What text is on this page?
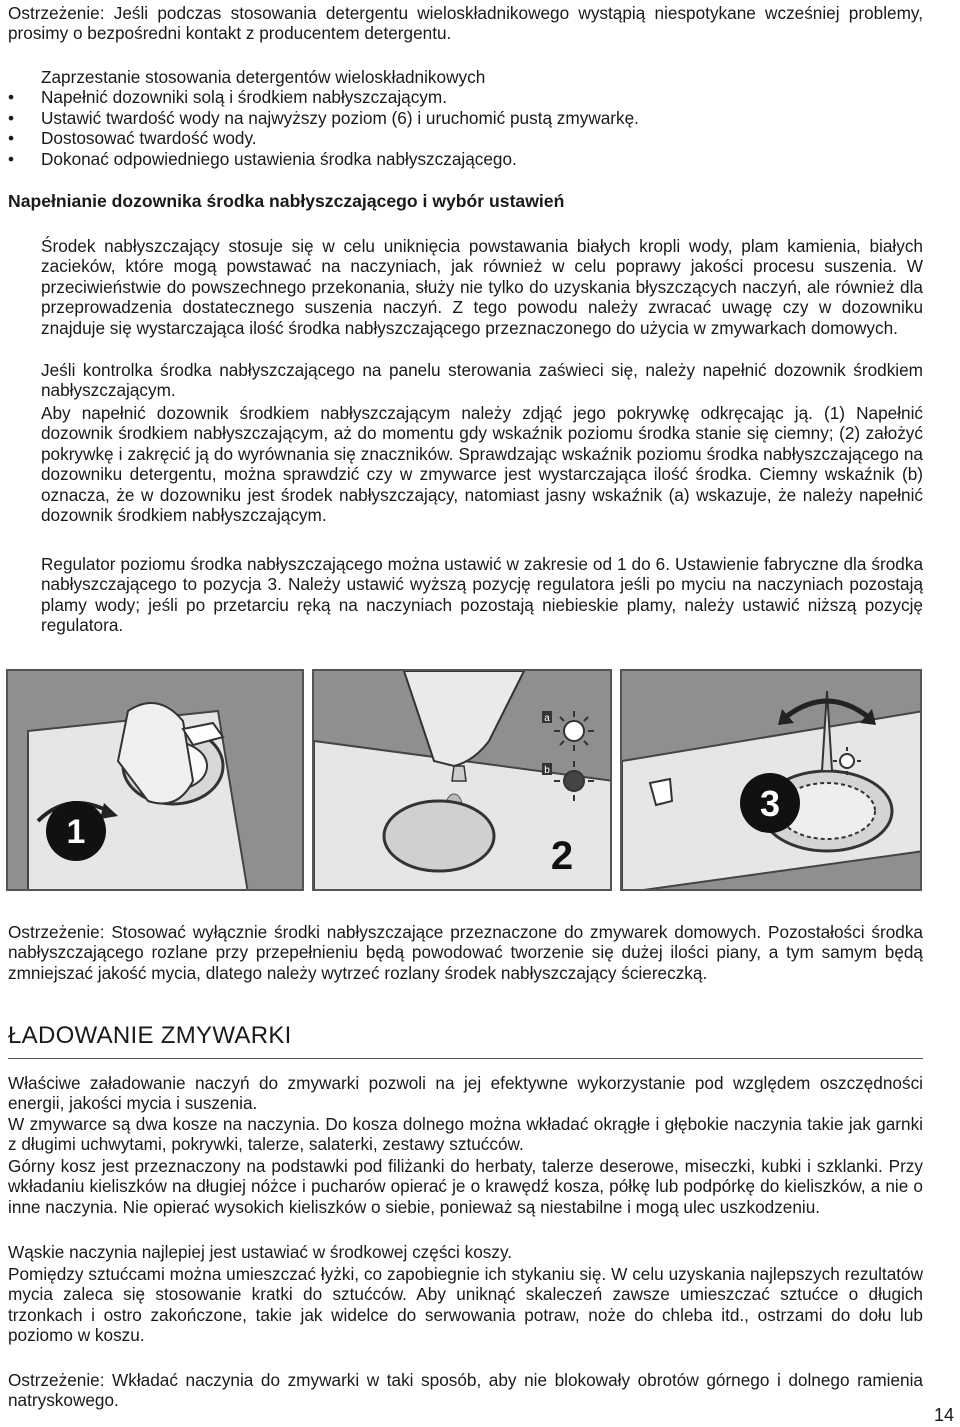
Ostrzeżenie: Jeśli podczas stosowania detergentu wieloskładnikowego wystąpią niespotykane wcześniej problemy, prosimy o bezpośredni kontakt z producentem detergentu.

Zaprzestanie stosowania detergentów wieloskładnikowych
• Napełnić dozowniki solą i środkiem nabłyszczającym.
• Ustawić twardość wody na najwyższy poziom (6) i uruchomić pustą zmywarkę.
• Dostosować twardość wody.
• Dokonać odpowiedniego ustawienia środka nabłyszczającego.
Napełnianie dozownika środka nabłyszczającego i wybór ustawień

Środek nabłyszczający stosuje się w celu uniknięcia powstawania białych kropli wody, plam kamienia, białych zacieków, które mogą powstawać na naczyniach, jak również w celu poprawy jakości procesu suszenia. W przeciwieństwie do powszechnego przekonania, służy nie tylko do uzyskania błyszczących naczyń, ale również dla przeprowadzenia dostatecznego suszenia naczyń. Z tego powodu należy zwracać uwagę czy w dozowniku znajduje się wystarczająca ilość środka nabłyszczającego przeznaczonego do użycia w zmywarkach domowych.

Jeśli kontrolka środka nabłyszczającego na panelu sterowania zaświeci się, należy napełnić dozownik środkiem nabłyszczającym.

Aby napełnić dozownik środkiem nabłyszczającym należy zdjąć jego pokrywkę odkręcając ją. (1) Napełnić dozownik środkiem nabłyszczającym, aż do momentu gdy wskaźnik poziomu środka stanie się ciemny; (2) założyć pokrywkę i zakręcić ją do wyrównania się znaczników. Sprawdzając wskaźnik poziomu środka nabłyszczającego na dozowniku detergentu, można sprawdzić czy w zmywarce jest wystarczająca ilość środka. Ciemny wskaźnik (b) oznacza, że w dozowniku jest środek nabłyszczający, natomiast jasny wskaźnik (a) wskazuje, że należy napełnić dozownik środkiem nabłyszczającym.

Regulator poziomu środka nabłyszczającego można ustawić w zakresie od 1 do 6. Ustawienie fabryczne dla środka nabłyszczającego to pozycja 3. Należy ustawić wyższą pozycję regulatora jeśli po myciu na naczyniach pozostają plamy wody; jeśli po przetarciu ręką na naczyniach pozostają niebieskie plamy, należy ustawić niższą pozycję regulatora.

1
a
b
2
3

Ostrzeżenie: Stosować wyłącznie środki nabłyszczające przeznaczone do zmywarek domowych. Pozostałości środka nabłyszczającego rozlane przy przepełnieniu będą powodować tworzenie się dużej ilości piany, a tym samym będą zmniejszać jakość mycia, dlatego należy wytrzeć rozlany środek nabłyszczający ściereczką.

ŁADOWANIE ZMYWARKI

Właściwe załadowanie naczyń do zmywarki pozwoli na jej efektywne wykorzystanie pod względem oszczędności energii, jakości mycia i suszenia.

W zmywarce są dwa kosze na naczynia. Do kosza dolnego można wkładać okrągłe i głębokie naczynia takie jak garnki z długimi uchwytami, pokrywki, talerze, salaterki, zestawy sztućców.

Górny kosz jest przeznaczony na podstawki pod filiżanki do herbaty, talerze deserowe, miseczki, kubki i szklanki. Przy wkładaniu kieliszków na długiej nóżce i pucharów opierać je o krawędź kosza, półkę lub podpórkę do kieliszków, a nie o inne naczynia. Nie opierać wysokich kieliszków o siebie, ponieważ są niestabilne i mogą ulec uszkodzeniu.

Wąskie naczynia najlepiej jest ustawiać w środkowej części koszy.

Pomiędzy sztućcami można umieszczać łyżki, co zapobiegnie ich stykaniu się. W celu uzyskania najlepszych rezultatów mycia zaleca się stosowanie kratki do sztućców. Aby uniknąć skaleczeń zawsze umieszczać sztućce o długich trzonkach i ostro zakończone, takie jak widelce do serwowania potraw, noże do chleba itd., ostrzami do dołu lub poziomo w koszu.

Ostrzeżenie: Wkładać naczynia do zmywarki w taki sposób, aby nie blokowały obrotów górnego i dolnego ramienia natryskowego.

14
